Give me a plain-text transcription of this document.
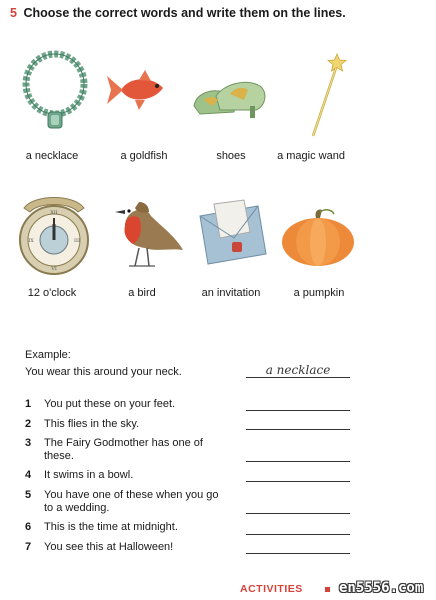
5 Choose the correct words and write them on the lines.
a necklace	a goldfish	shoes	a magic wand
XII
III
VI
IX
12 o'clock	a bird	an invitation	a pumpkin
Example:
You wear this around your neck.	a necklace
1 You put these on your feet.
2 This flies in the sky.
3 The Fairy Godmother has one of these.
4 It swims in a bowl.
5 You have one of these when you go to a wedding.
6 This is the time at midnight.
7 You see this at Halloween!
ACTIVITIES	en5556.com
